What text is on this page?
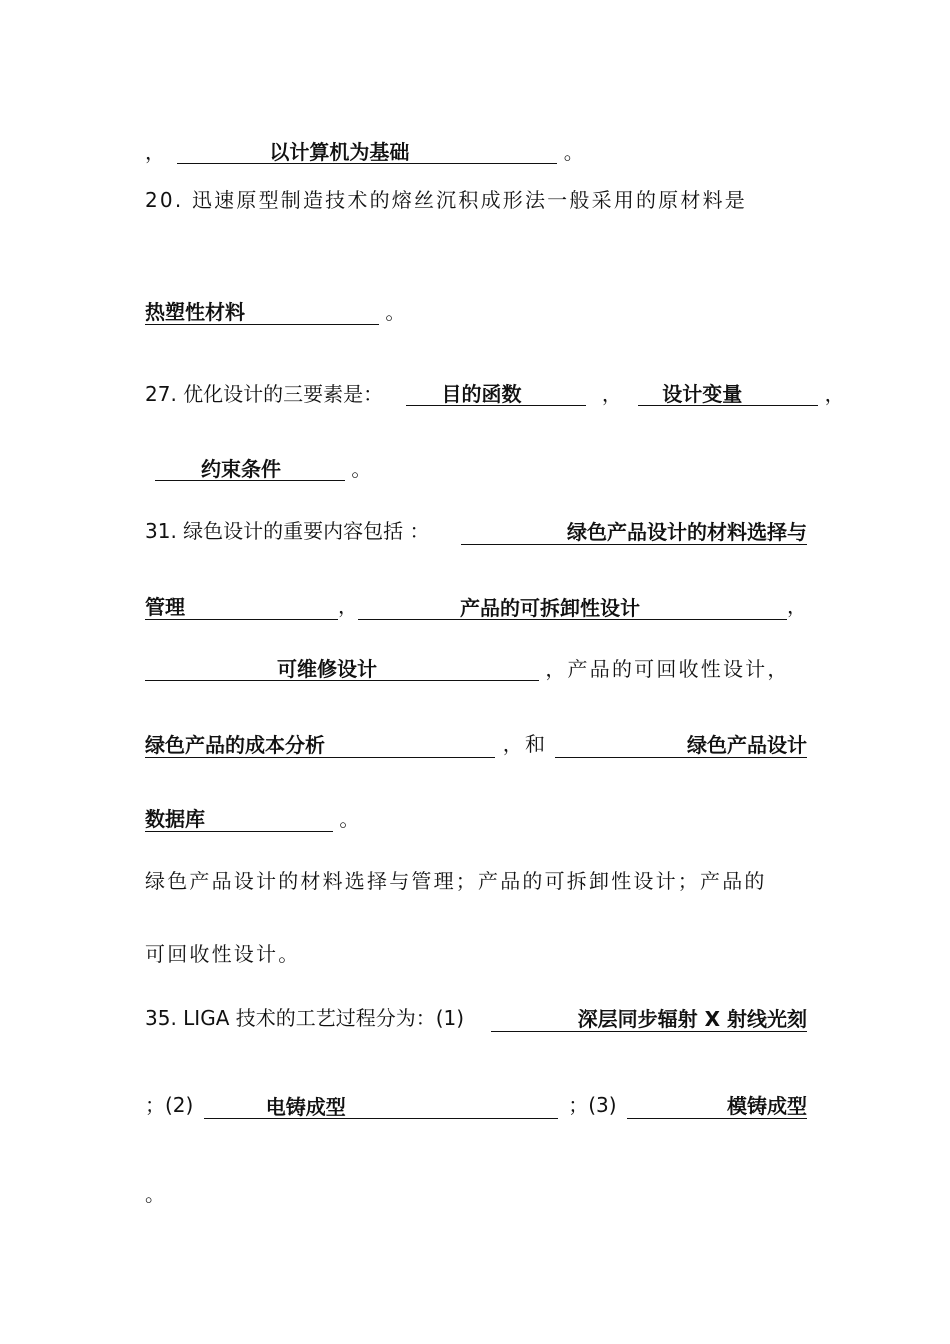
，	以计算机为基础	。
20. 迅速原型制造技术的熔丝沉积成形法一般采用的原材料是
热塑性材料	。
27. 优化设计的三要素是：	目的函数	， 设计变量	，
约束条件	。
31. 绿色设计的重要内容包括 ：	绿色产品设计的材料选择与
管理	，	产品的可拆卸性设计	，
可维修设计	，产品的可回收性设计，
绿色产品的成本分析	，和	绿色产品设计
数据库	。
绿色产品设计的材料选择与管理；产品的可拆卸性设计；产品的
可回收性设计。
35. LIGA 技术的工艺过程分为：(1)	深层同步辐射 X 射线光刻
；(2)	电铸成型	；(3)	模铸成型
。
